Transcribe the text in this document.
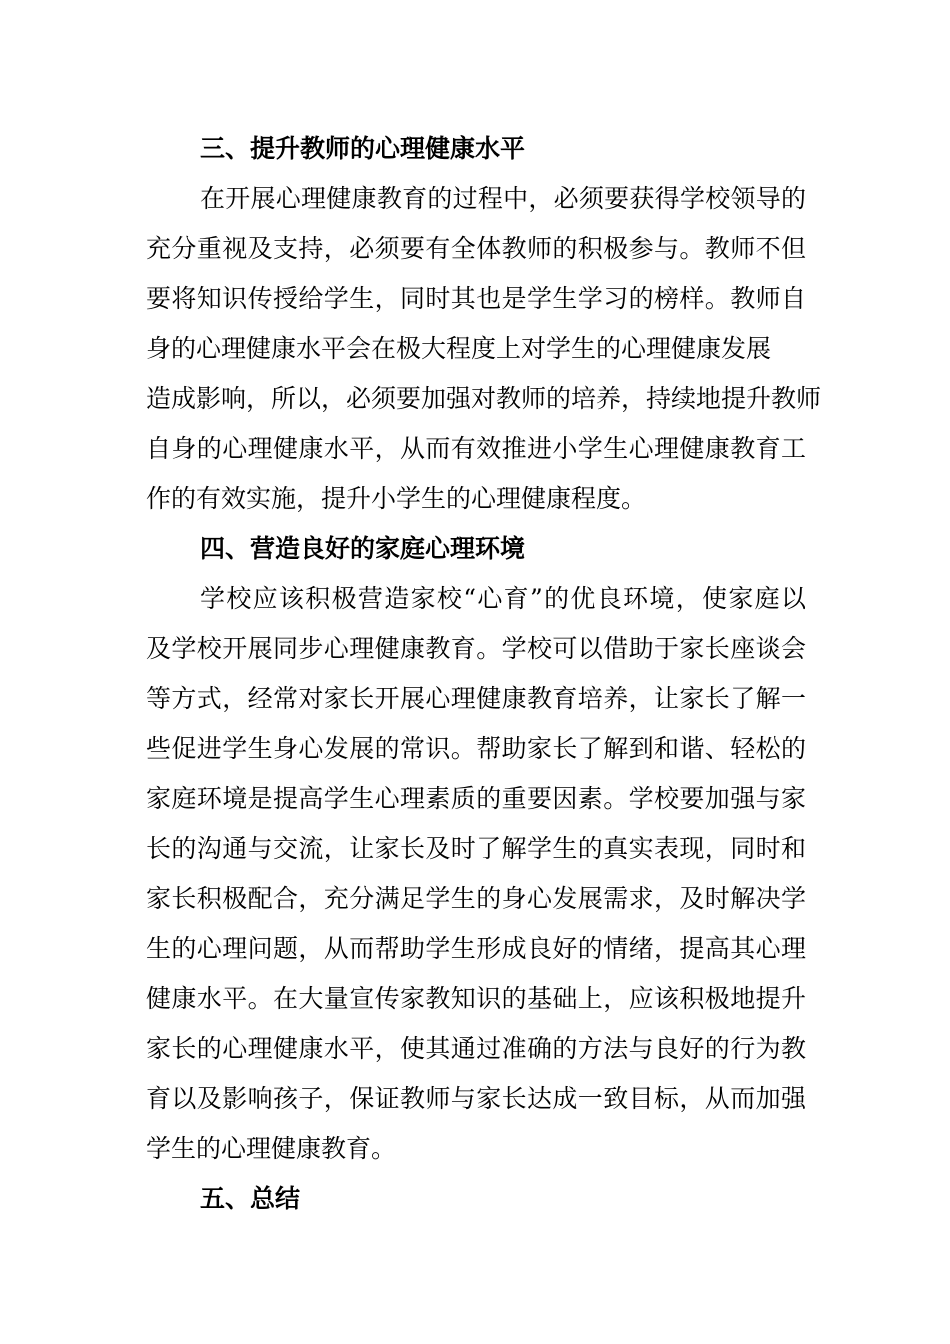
三、提升教师的心理健康水平
在开展心理健康教育的过程中，必须要获得学校领导的
充分重视及支持，必须要有全体教师的积极参与。教师不但
要将知识传授给学生，同时其也是学生学习的榜样。教师自
身的心理健康水平会在极大程度上对学生的心理健康发展
造成影响，所以，必须要加强对教师的培养，持续地提升教师
自身的心理健康水平，从而有效推进小学生心理健康教育工
作的有效实施，提升小学生的心理健康程度。
四、营造良好的家庭心理环境
学校应该积极营造家校“心育”的优良环境，使家庭以
及学校开展同步心理健康教育。学校可以借助于家长座谈会
等方式，经常对家长开展心理健康教育培养，让家长了解一
些促进学生身心发展的常识。帮助家长了解到和谐、轻松的
家庭环境是提高学生心理素质的重要因素。学校要加强与家
长的沟通与交流，让家长及时了解学生的真实表现，同时和
家长积极配合，充分满足学生的身心发展需求，及时解决学
生的心理问题，从而帮助学生形成良好的情绪，提高其心理
健康水平。在大量宣传家教知识的基础上，应该积极地提升
家长的心理健康水平，使其通过准确的方法与良好的行为教
育以及影响孩子，保证教师与家长达成一致目标，从而加强
学生的心理健康教育。
五、总结
